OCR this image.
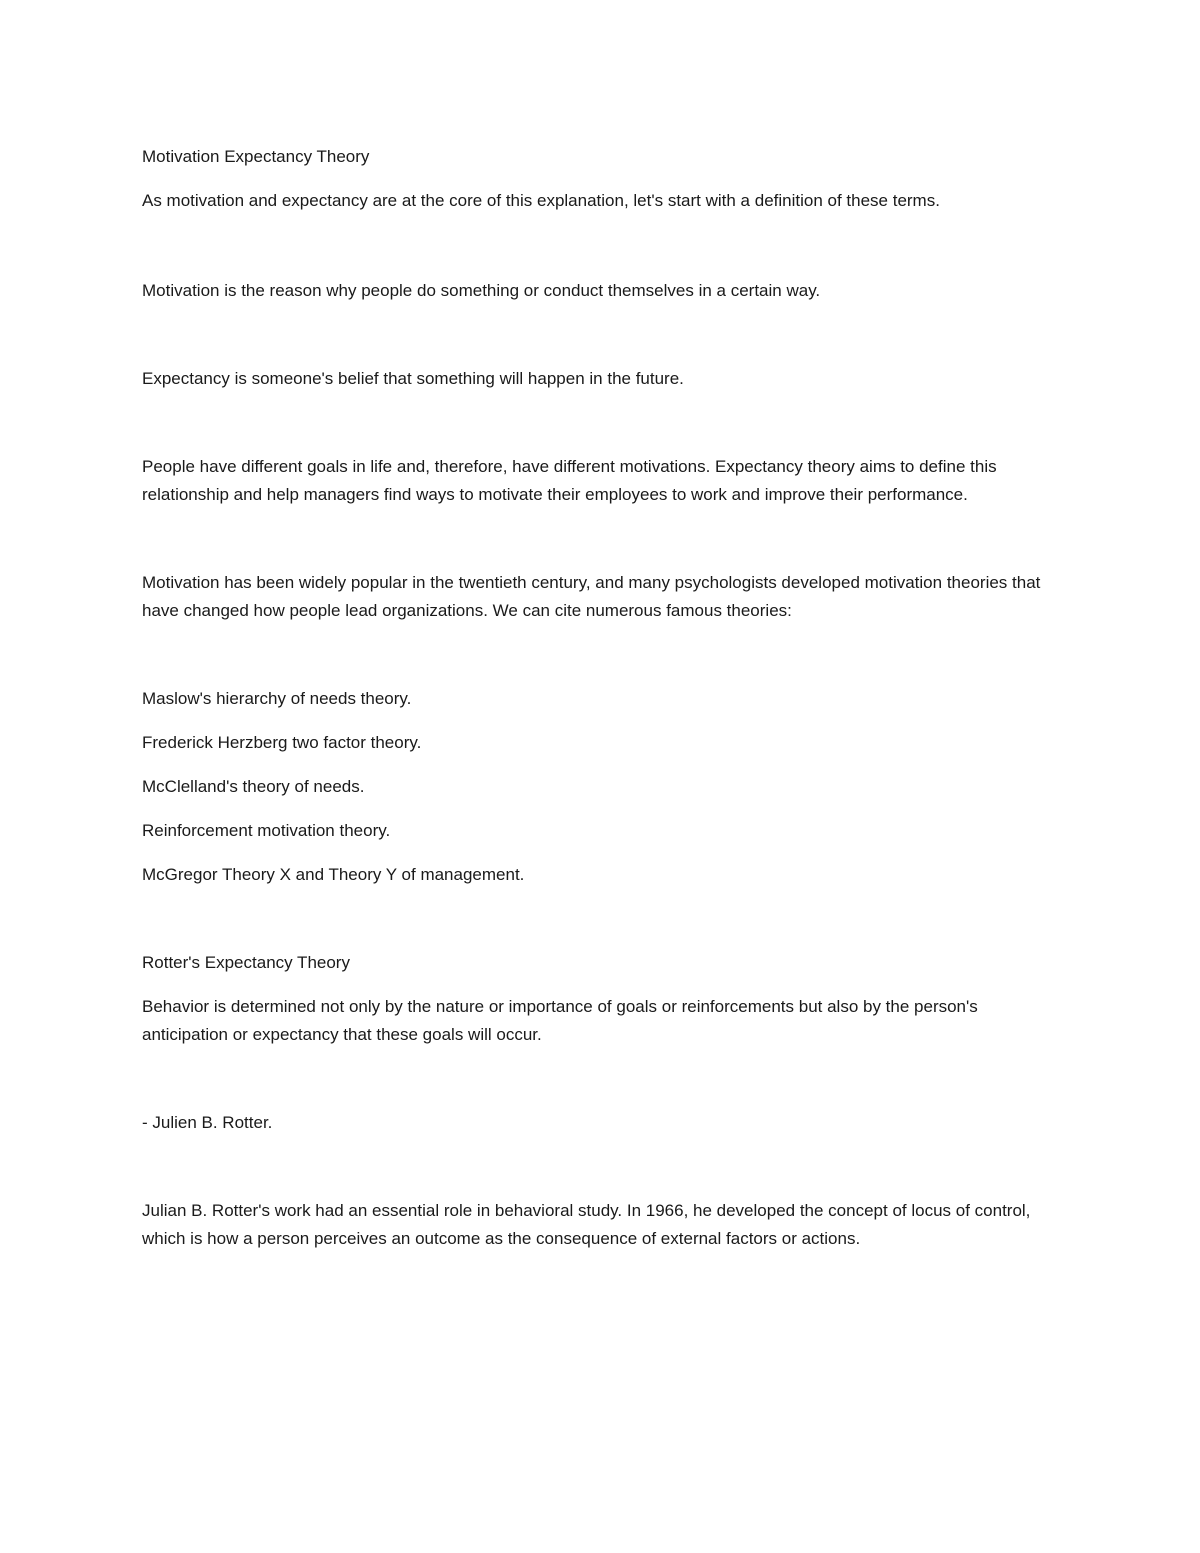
Motivation Expectancy Theory

As motivation and expectancy are at the core of this explanation, let's start with a definition of these terms.

Motivation is the reason why people do something or conduct themselves in a certain way.

Expectancy is someone's belief that something will happen in the future.

People have different goals in life and, therefore, have different motivations. Expectancy theory aims to define this relationship and help managers find ways to motivate their employees to work and improve their performance.

Motivation has been widely popular in the twentieth century, and many psychologists developed motivation theories that have changed how people lead organizations. We can cite numerous famous theories:

Maslow's hierarchy of needs theory.

Frederick Herzberg two factor theory.

McClelland's theory of needs.

Reinforcement motivation theory.

McGregor Theory X and Theory Y of management.

Rotter's Expectancy Theory

Behavior is determined not only by the nature or importance of goals or reinforcements but also by the person's anticipation or expectancy that these goals will occur.

- Julien B. Rotter.

Julian B. Rotter's work had an essential role in behavioral study. In 1966, he developed the concept of locus of control, which is how a person perceives an outcome as the consequence of external factors or actions.
